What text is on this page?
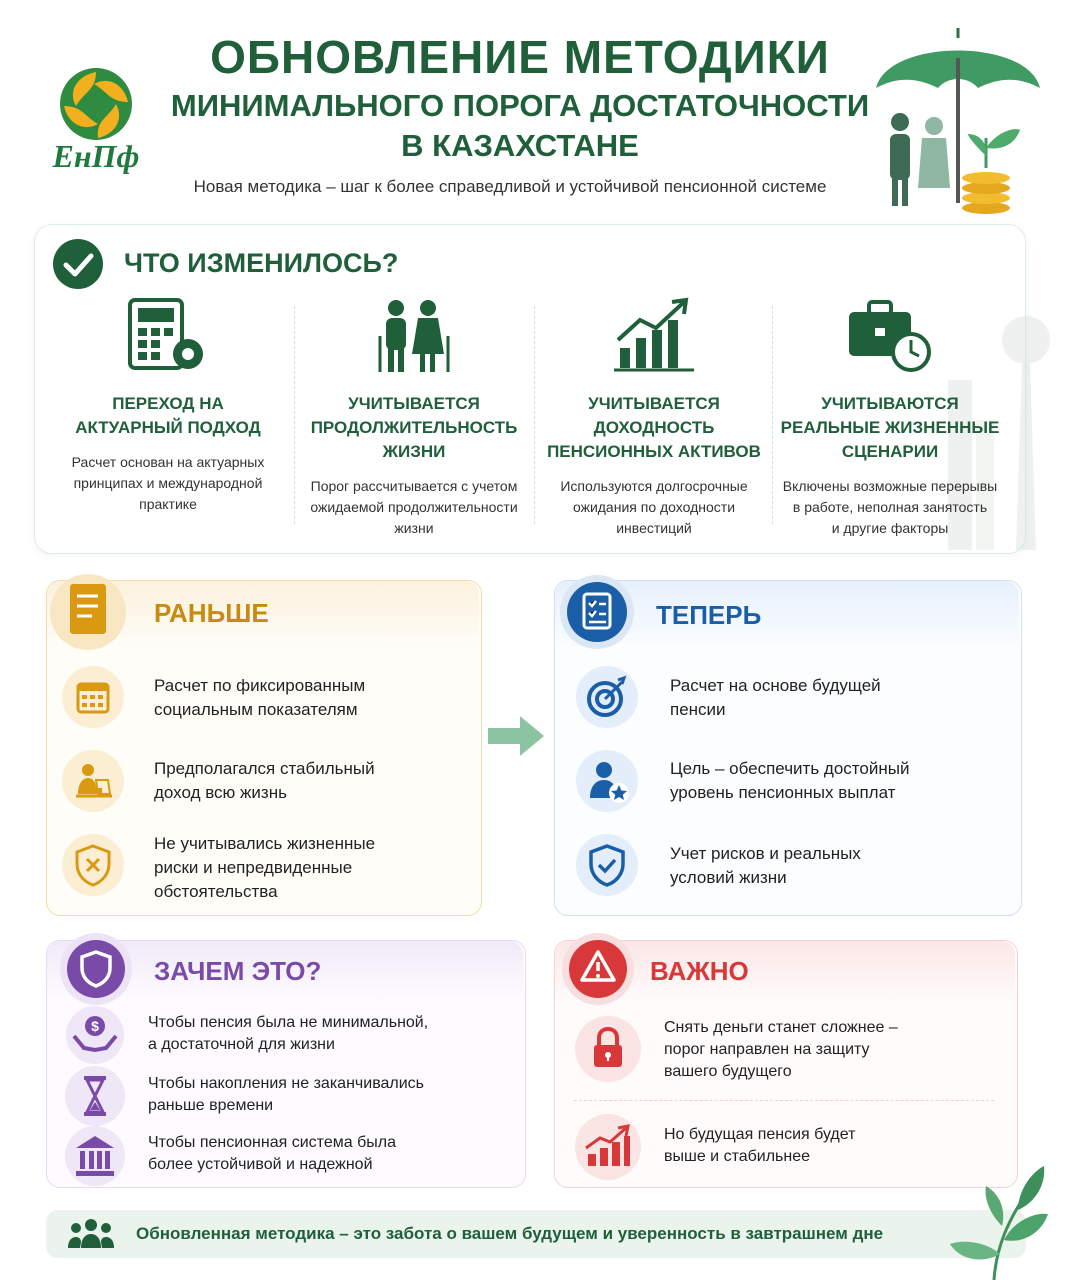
ЕнПф
ОБНОВЛЕНИЕ МЕТОДИКИ
МИНИМАЛЬНОГО ПОРОГА ДОСТАТОЧНОСТИ
В КАЗАХСТАНЕ
Новая методика – шаг к более справедливой и устойчивой пенсионной системе
ЧТО ИЗМЕНИЛОСЬ?
ПЕРЕХОД НА
АКТУАРНЫЙ ПОДХОД
Расчет основан на актуарных
принципах и международной
практике
УЧИТЫВАЕТСЯ
ПРОДОЛЖИТЕЛЬНОСТЬ
ЖИЗНИ
Порог рассчитывается с учетом
ожидаемой продолжительности
жизни
УЧИТЫВАЕТСЯ
ДОХОДНОСТЬ
ПЕНСИОННЫХ АКТИВОВ
Используются долгосрочные
ожидания по доходности
инвестиций
УЧИТЫВАЮТСЯ
РЕАЛЬНЫЕ ЖИЗНЕННЫЕ
СЦЕНАРИИ
Включены возможные перерывы
в работе, неполная занятость
и другие факторы
РАНЬШЕ
Расчет по фиксированным
социальным показателям
Предполагался стабильный
доход всю жизнь
Не учитывались жизненные
риски и непредвиденные
обстоятельства
ТЕПЕРЬ
Расчет на основе будущей
пенсии
Цель – обеспечить достойный
уровень пенсионных выплат
Учет рисков и реальных
условий жизни
ЗАЧЕМ ЭТО?
$	Чтобы пенсия была не минимальной,
а достаточной для жизни
Чтобы накопления не заканчивались
раньше времени
Чтобы пенсионная система была
более устойчивой и надежной
ВАЖНО
Снять деньги станет сложнее –
порог направлен на защиту
вашего будущего
Но будущая пенсия будет
выше и стабильнее
Обновленная методика – это забота о вашем будущем и уверенность в завтрашнем дне
